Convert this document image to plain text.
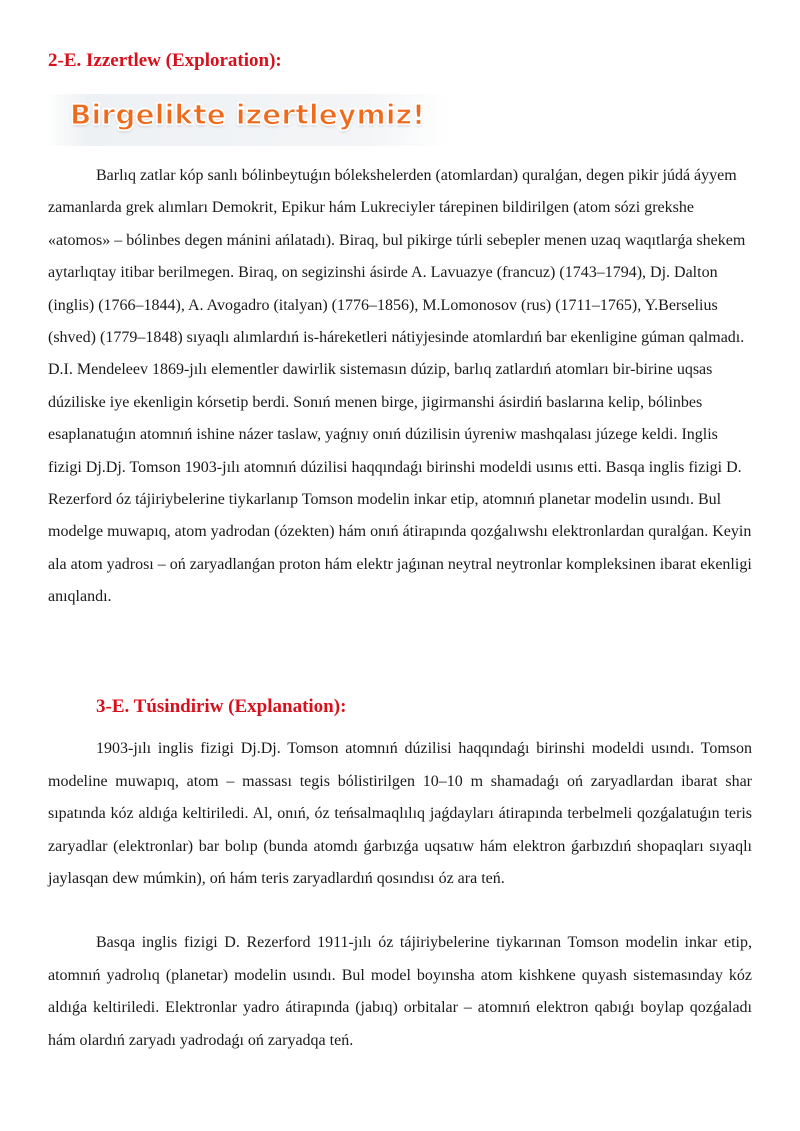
2-E. Izzertlew (Exploration):
Birgelikte izertleymiz!

Barlıq zatlar kóp sanlı bólinbeytuǵın bólekshelerden (atomlardan) quralǵan, degen pikir júdá áyyem zamanlarda grek alımları Demokrit, Epikur hám Lukreciyler tárepinen bildirilgen (atom sózi grekshe «atomos» – bólinbes degen mánini ańlatadı). Biraq, bul pikirge túrli sebepler menen uzaq waqıtlarǵa shekem aytarlıqtay itibar berilmegen. Biraq, on segizinshi ásirde A. Lavuazye (francuz) (1743–1794), Dj. Dalton (inglis) (1766–1844), A. Avogadro (italyan) (1776–1856), M.Lomonosov (rus) (1711–1765), Y.Berselius (shved) (1779–1848) sıyaqlı alımlardıń is-háreketleri nátiyjesinde atomlardıń bar ekenligine gúman qalmadı. D.I. Mendeleev 1869-jılı elementler dawirlik sistemasın dúzip, barlıq zatlardıń atomları bir-birine uqsas dúziliske iye ekenligin kórsetip berdi. Sonıń menen birge, jigirmanshi ásirdiń baslarına kelip, bólinbes esaplanatuǵın atomnıń ishine názer taslaw, yaǵnıy onıń dúzilisin úyreniw mashqalası júzege keldi. Inglis fizigi Dj.Dj. Tomson 1903-jılı atomnıń dúzilisi haqqındaǵı birinshi modeldi usınıs etti. Basqa inglis fizigi D. Rezerford óz tájiriybelerine tiykarlanıp Tomson modelin inkar etip, atomnıń planetar modelin usındı. Bul modelge muwapıq, atom yadrodan (ózekten) hám onıń átirapında qozǵalıwshı elektronlardan quralǵan. Keyin ala atom yadrosı – oń zaryadlanǵan proton hám elektr jaǵınan neytral neytronlar kompleksinen ibarat ekenligi anıqlandı.

3-E. Túsindiriw (Explanation):

1903-jılı inglis fizigi Dj.Dj. Tomson atomnıń dúzilisi haqqındaǵı birinshi modeldi usındı. Tomson modeline muwapıq, atom – massası tegis bólistirilgen 10–10 m shamadaǵı oń zaryadlardan ibarat shar sıpatında kóz aldıǵa keltiriledi. Al, onıń, óz teńsalmaqlılıq jaǵdayları átirapında terbelmeli qozǵalatuǵın teris zaryadlar (elektronlar) bar bolıp (bunda atomdı ǵarbızǵa uqsatıw hám elektron ǵarbızdıń shopaqları sıyaqlı jaylasqan dew múmkin), oń hám teris zaryadlardıń qosındısı óz ara teń.

Basqa inglis fizigi D. Rezerford 1911-jılı óz tájiriybelerine tiykarınan Tomson modelin inkar etip, atomnıń yadrolıq (planetar) modelin usındı. Bul model boyınsha atom kishkene quyash sistemasınday kóz aldıǵa keltiriledi. Elektronlar yadro átirapında (jabıq) orbitalar – atomnıń elektron qabıǵı boylap qozǵaladı hám olardıń zaryadı yadrodaǵı oń zaryadqa teń.
